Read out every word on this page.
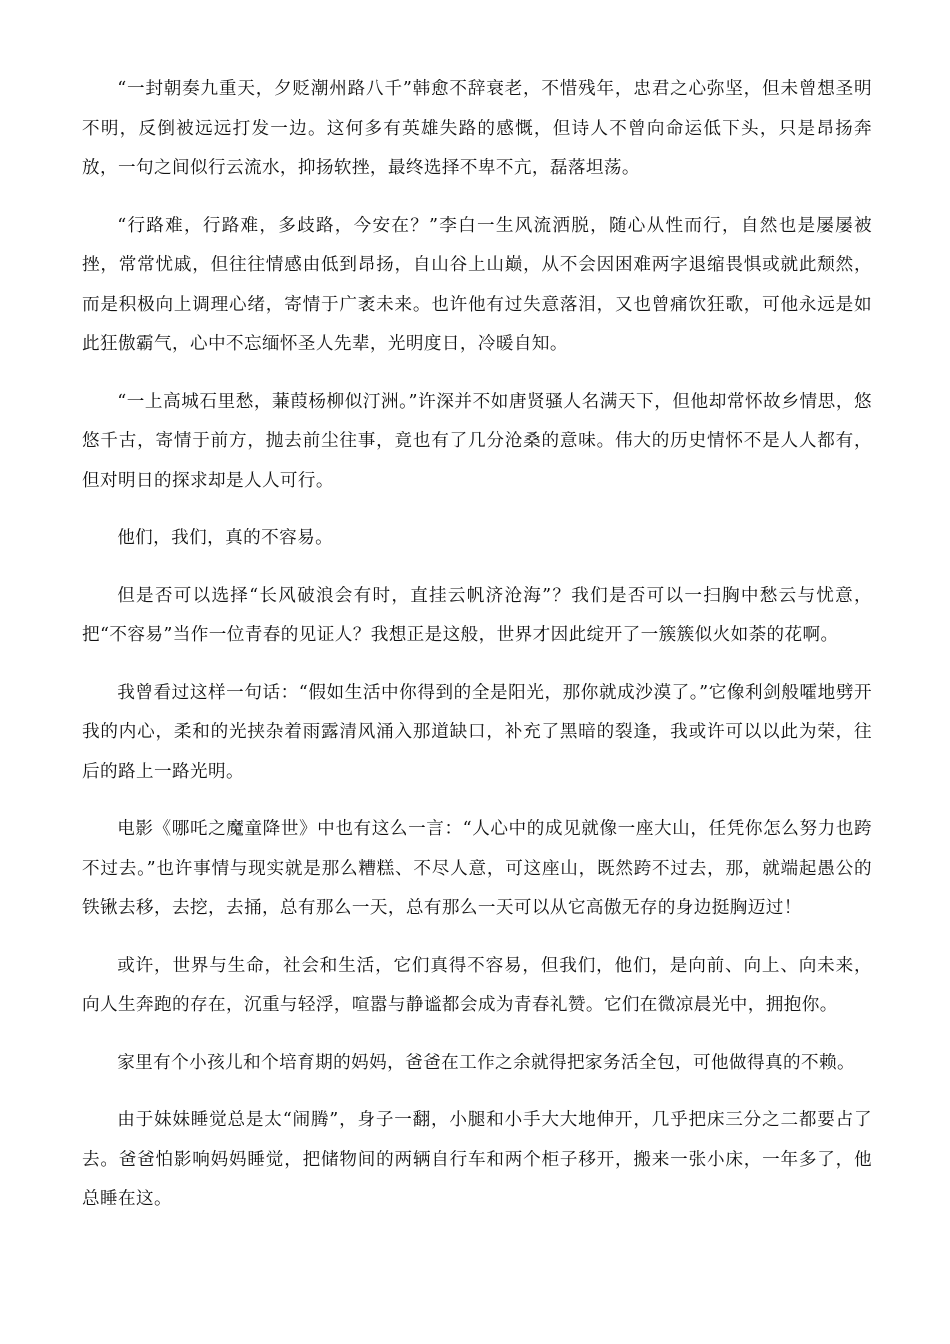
“一封朝奏九重天，夕贬潮州路八千”韩愈不辞衰老，不惜残年，忠君之心弥坚，但未曾想圣明不明，反倒被远远打发一边。这何多有英雄失路的感慨，但诗人不曾向命运低下头，只是昂扬奔放，一句之间似行云流水，抑扬软挫，最终选择不卑不亢，磊落坦荡。

“行路难，行路难，多歧路，今安在？”李白一生风流洒脱，随心从性而行，自然也是屡屡被挫，常常忧戚，但往往情感由低到昂扬，自山谷上山巅，从不会因困难两字退缩畏惧或就此颓然，而是积极向上调理心绪，寄情于广袤未来。也许他有过失意落泪，又也曾痛饮狂歌，可他永远是如此狂傲霸气，心中不忘缅怀圣人先辈，光明度日，冷暖自知。

“一上高城石里愁，蒹葭杨柳似汀洲。”许深并不如唐贤骚人名满天下，但他却常怀故乡情思，悠悠千古，寄情于前方，抛去前尘往事，竟也有了几分沧桑的意味。伟大的历史情怀不是人人都有，但对明日的探求却是人人可行。

他们，我们，真的不容易。

但是否可以选择“长风破浪会有时，直挂云帆济沧海”？我们是否可以一扫胸中愁云与忧意，把“不容易”当作一位青春的见证人？我想正是这般，世界才因此绽开了一簇簇似火如荼的花啊。

我曾看过这样一句话：“假如生活中你得到的全是阳光，那你就成沙漠了。”它像利剑般嚯地劈开我的内心，柔和的光挟杂着雨露清风涌入那道缺口，补充了黑暗的裂逢，我或许可以以此为荣，往后的路上一路光明。

电影《哪吒之魔童降世》中也有这么一言：“人心中的成见就像一座大山，任凭你怎么努力也跨不过去。”也许事情与现实就是那么糟糕、不尽人意，可这座山，既然跨不过去，那，就端起愚公的铁锹去移，去挖，去捅，总有那么一天，总有那么一天可以从它高傲无存的身边挺胸迈过！

或许，世界与生命，社会和生活，它们真得不容易，但我们，他们，是向前、向上、向未来，向人生奔跑的存在，沉重与轻浮，喧嚣与静谧都会成为青春礼赞。它们在微凉晨光中，拥抱你。

家里有个小孩儿和个培育期的妈妈，爸爸在工作之余就得把家务活全包，可他做得真的不赖。

由于妹妹睡觉总是太“闹腾”，身子一翻，小腿和小手大大地伸开，几乎把床三分之二都要占了去。爸爸怕影响妈妈睡觉，把储物间的两辆自行车和两个柜子移开，搬来一张小床，一年多了，他总睡在这。
